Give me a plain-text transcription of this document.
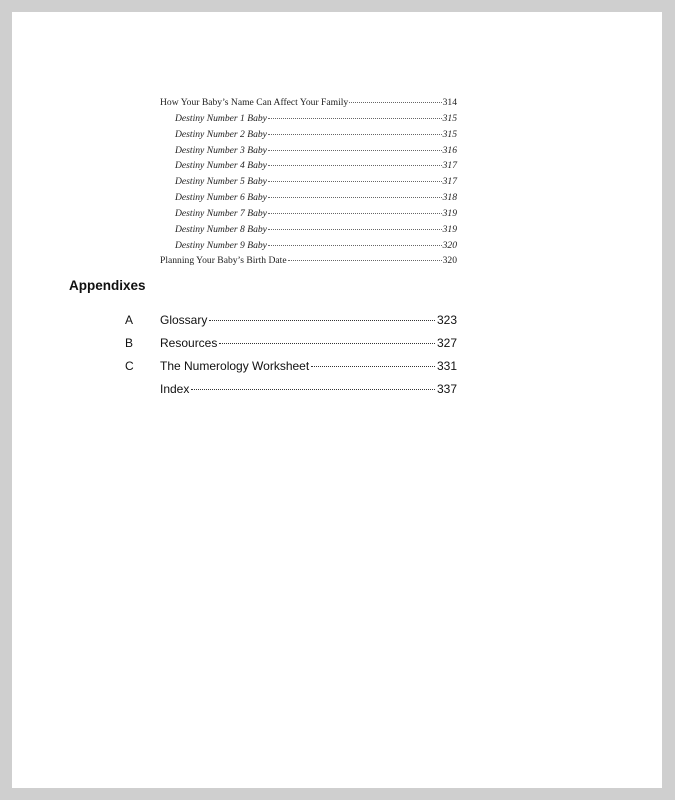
How Your Baby’s Name Can Affect Your Family	314
Destiny Number 1 Baby	315
Destiny Number 2 Baby	315
Destiny Number 3 Baby	316
Destiny Number 4 Baby	317
Destiny Number 5 Baby	317
Destiny Number 6 Baby	318
Destiny Number 7 Baby	319
Destiny Number 8 Baby	319
Destiny Number 9 Baby	320
Planning Your Baby’s Birth Date	320
Appendixes
A	Glossary	323
B	Resources	327
C	The Numerology Worksheet	331
Index	337
